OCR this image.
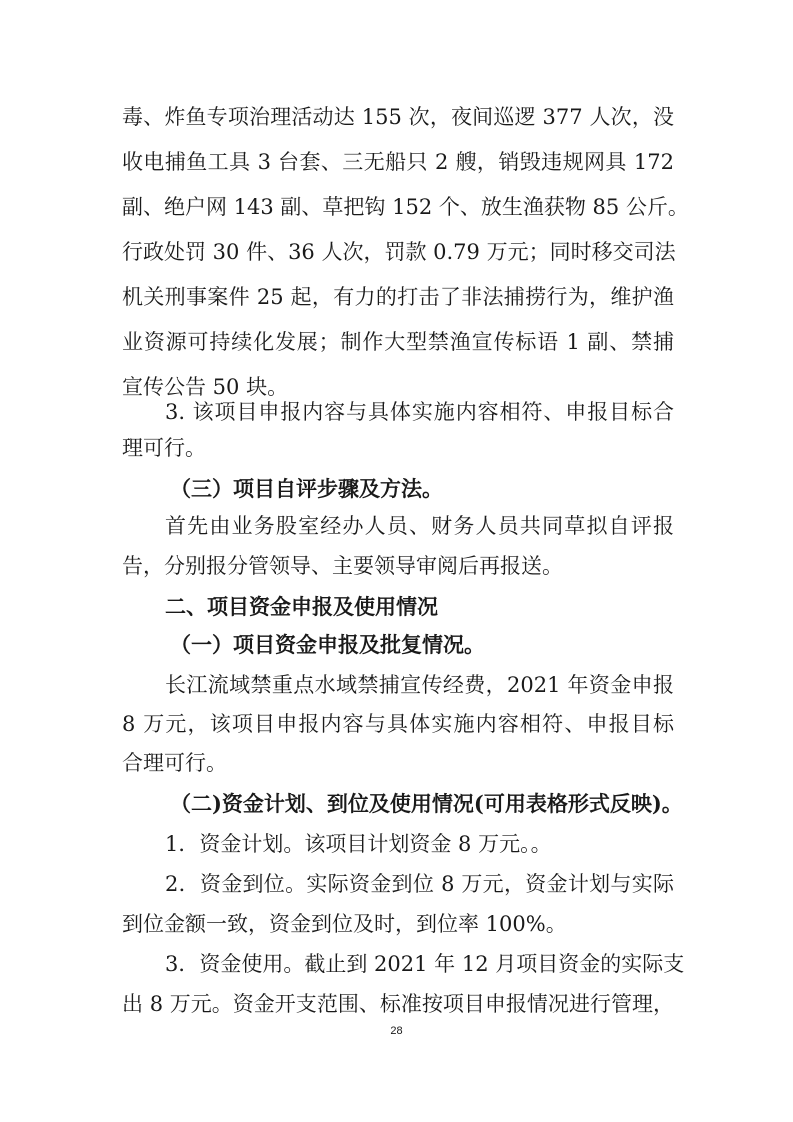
毒、炸鱼专项治理活动达 155 次，夜间巡逻 377 人次，没
收电捕鱼工具 3 台套、三无船只 2 艘，销毁违规网具 172
副、绝户网 143 副、草把钩 152 个、放生渔获物 85 公斤。
行政处罚 30 件、36 人次，罚款 0.79 万元；同时移交司法
机关刑事案件 25 起，有力的打击了非法捕捞行为，维护渔
业资源可持续化发展；制作大型禁渔宣传标语 1 副、禁捕
宣传公告 50 块。
3. 该项目申报内容与具体实施内容相符、申报目标合
理可行。
（三）项目自评步骤及方法。
首先由业务股室经办人员、财务人员共同草拟自评报
告，分别报分管领导、主要领导审阅后再报送。
二、项目资金申报及使用情况
（一）项目资金申报及批复情况。
长江流域禁重点水域禁捕宣传经费，2021 年资金申报
8 万元，该项目申报内容与具体实施内容相符、申报目标
合理可行。
（二)资金计划、到位及使用情况(可用表格形式反映)。
1．资金计划。该项目计划资金 8 万元。。
2．资金到位。实际资金到位 8 万元，资金计划与实际
到位金额一致，资金到位及时，到位率 100%。
3．资金使用。截止到 2021 年 12 月项目资金的实际支
出 8 万元。资金开支范围、标准按项目申报情况进行管理，
28
